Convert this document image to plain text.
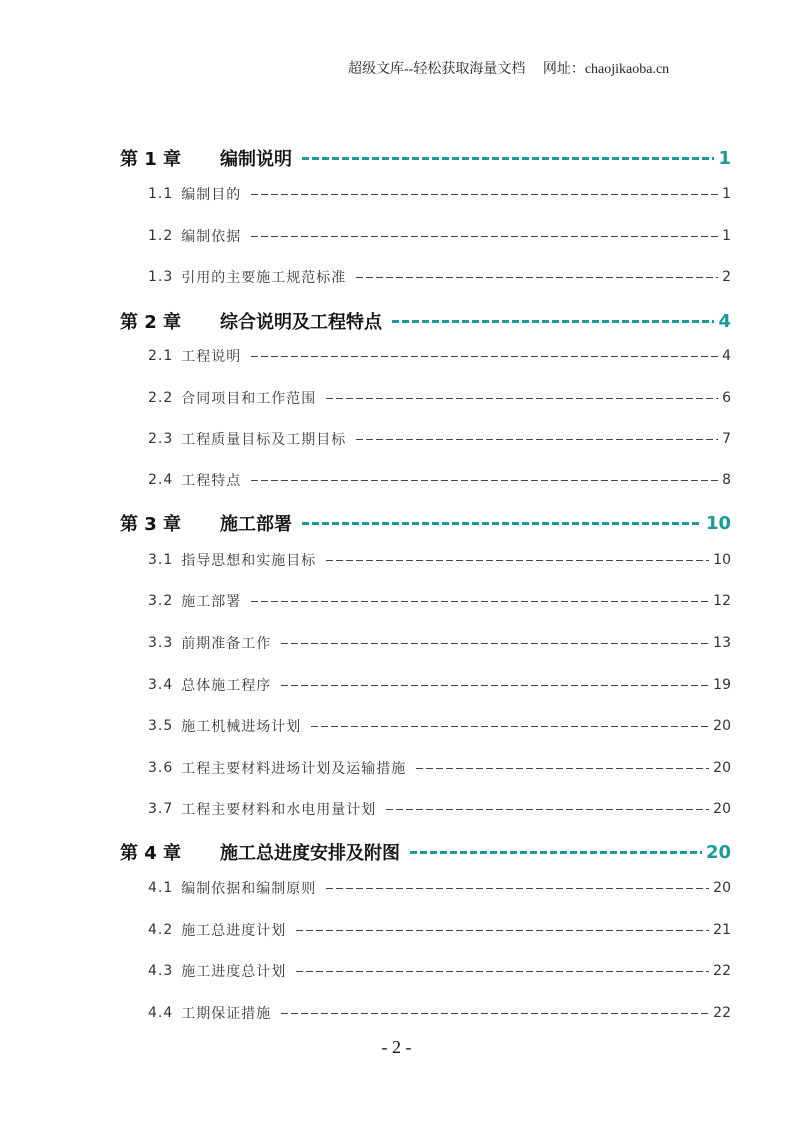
超级文库--轻松获取海量文档     网址：chaojikaoba.cn
第 1 章	编制说明	1
1.1 编制目的	1
1.2 编制依据	1
1.3 引用的主要施工规范标准	2
第 2 章	综合说明及工程特点	4
2.1 工程说明	4
2.2 合同项目和工作范围	6
2.3 工程质量目标及工期目标	7
2.4 工程特点	8
第 3 章	施工部署	10
3.1 指导思想和实施目标	10
3.2 施工部署	12
3.3 前期准备工作	13
3.4 总体施工程序	19
3.5 施工机械进场计划	20
3.6 工程主要材料进场计划及运输措施	20
3.7 工程主要材料和水电用量计划	20
第 4 章	施工总进度安排及附图	20
4.1 编制依据和编制原则	20
4.2 施工总进度计划	21
4.3 施工进度总计划	22
4.4 工期保证措施	22
- 2 -
